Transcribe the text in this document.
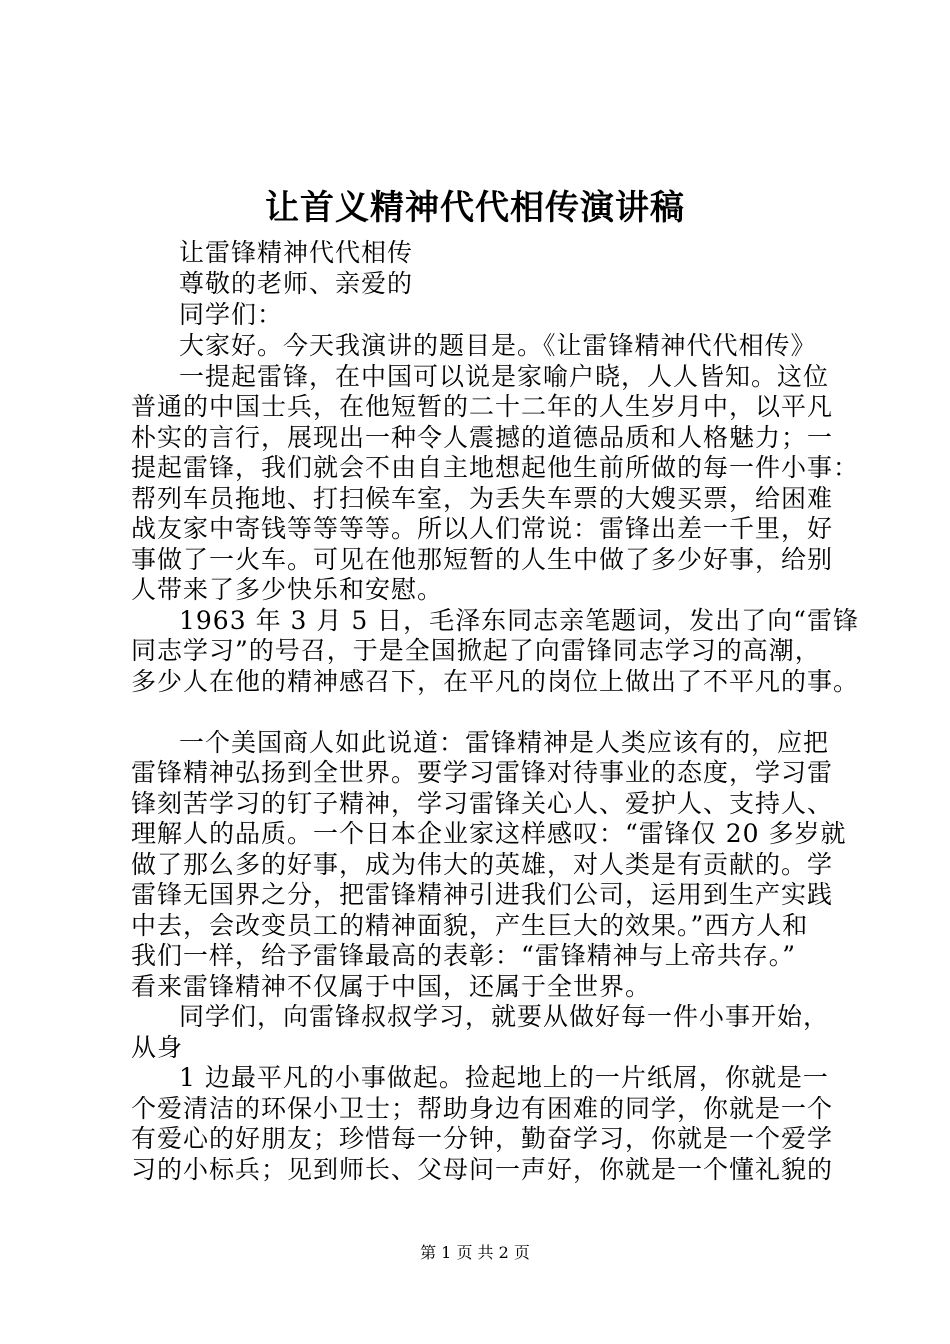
让首义精神代代相传演讲稿
让雷锋精神代代相传
尊敬的老师、亲爱的
同学们：
大家好。今天我演讲的题目是。《让雷锋精神代代相传》
一提起雷锋，在中国可以说是家喻户晓，人人皆知。这位
普通的中国士兵，在他短暂的二十二年的人生岁月中，以平凡
朴实的言行，展现出一种令人震撼的道德品质和人格魅力；一
提起雷锋，我们就会不由自主地想起他生前所做的每一件小事：
帮列车员拖地、打扫候车室，为丢失车票的大嫂买票，给困难
战友家中寄钱等等等等。所以人们常说：雷锋出差一千里，好
事做了一火车。可见在他那短暂的人生中做了多少好事，给别
人带来了多少快乐和安慰。
1963 年 3 月 5 日，毛泽东同志亲笔题词，发出了向“雷锋
同志学习”的号召，于是全国掀起了向雷锋同志学习的高潮，
多少人在他的精神感召下，在平凡的岗位上做出了不平凡的事。
一个美国商人如此说道：雷锋精神是人类应该有的，应把
雷锋精神弘扬到全世界。要学习雷锋对待事业的态度，学习雷
锋刻苦学习的钉子精神，学习雷锋关心人、爱护人、支持人、
理解人的品质。一个日本企业家这样感叹：“雷锋仅 20 多岁就
做了那么多的好事，成为伟大的英雄，对人类是有贡献的。学
雷锋无国界之分，把雷锋精神引进我们公司，运用到生产实践
中去，会改变员工的精神面貌，产生巨大的效果。”西方人和
我们一样，给予雷锋最高的表彰：“雷锋精神与上帝共存。”
看来雷锋精神不仅属于中国，还属于全世界。
同学们，向雷锋叔叔学习，就要从做好每一件小事开始，
从身
1 边最平凡的小事做起。捡起地上的一片纸屑，你就是一
个爱清洁的环保小卫士；帮助身边有困难的同学，你就是一个
有爱心的好朋友；珍惜每一分钟，勤奋学习，你就是一个爱学
习的小标兵；见到师长、父母问一声好，你就是一个懂礼貌的
第 1 页 共 2 页
